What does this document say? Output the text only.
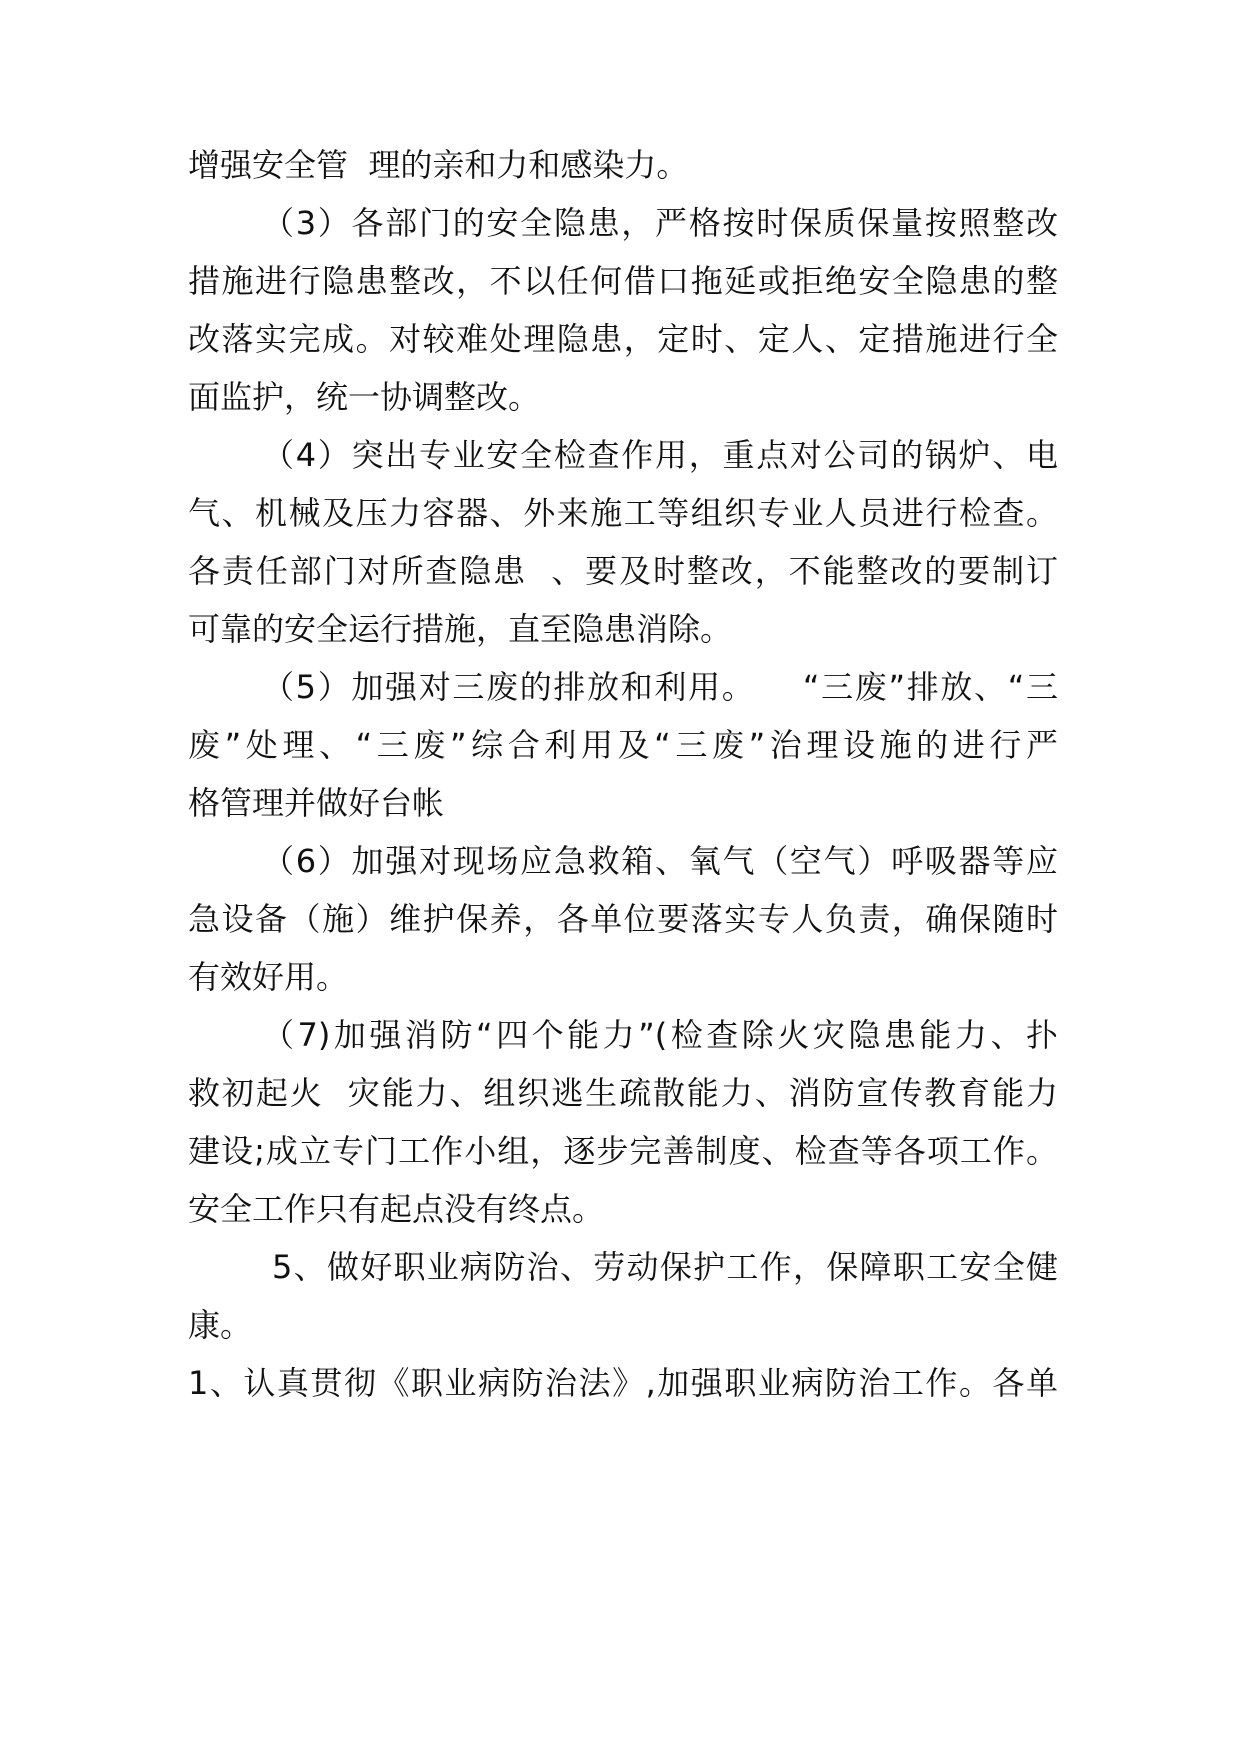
增强安全管  理的亲和力和感染力。
（3）各部门的安全隐患，严格按时保质保量按照整改
措施进行隐患整改，不以任何借口拖延或拒绝安全隐患的整
改落实完成。对较难处理隐患，定时、定人、定措施进行全
面监护，统一协调整改。
（4）突出专业安全检查作用，重点对公司的锅炉、电
气、机械及压力容器、外来施工等组织专业人员进行检查。
各责任部门对所查隐患  、要及时整改，不能整改的要制订
可靠的安全运行措施，直至隐患消除。
（5）加强对三废的排放和利用。    “三废”排放、“三
废”处理、“三废”综合利用及“三废”治理设施的进行严
格管理并做好台帐
（6）加强对现场应急救箱、氧气（空气）呼吸器等应
急设备（施）维护保养，各单位要落实专人负责，确保随时
有效好用。
（7)加强消防“四个能力”(检查除火灾隐患能力、扑
救初起火  灾能力、组织逃生疏散能力、消防宣传教育能力
建设;成立专门工作小组，逐步完善制度、检查等各项工作。
安全工作只有起点没有终点。
5、做好职业病防治、劳动保护工作，保障职工安全健
康。
1、认真贯彻《职业病防治法》,加强职业病防治工作。各单
